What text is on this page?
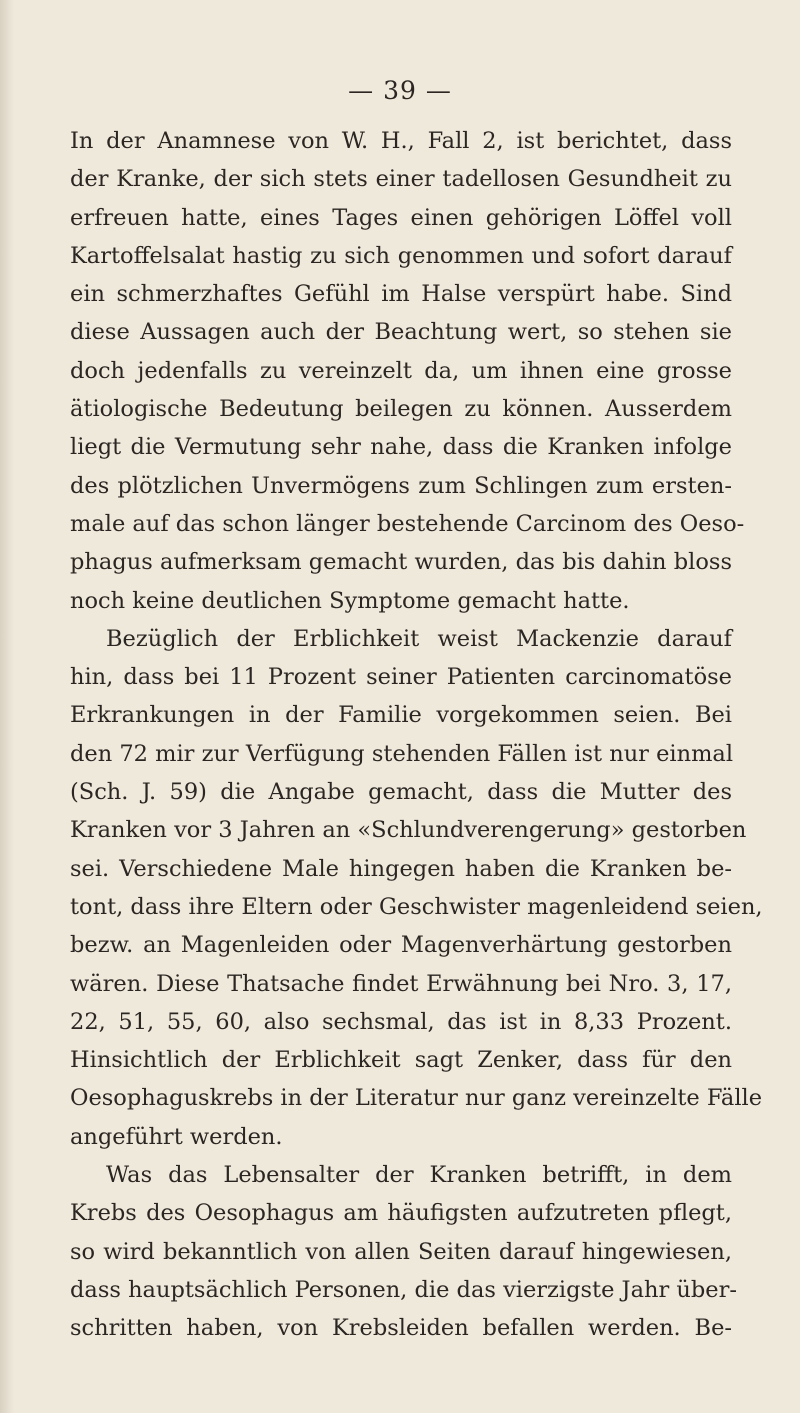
— 39 —
In der Anamnese von W. H., Fall 2, ist berichtet, dass
der Kranke, der sich stets einer tadellosen Gesundheit zu
erfreuen hatte, eines Tages einen gehörigen Löffel voll
Kartoffelsalat hastig zu sich genommen und sofort darauf
ein schmerzhaftes Gefühl im Halse verspürt habe. Sind
diese Aussagen auch der Beachtung wert, so stehen sie
doch jedenfalls zu vereinzelt da, um ihnen eine grosse
ätiologische Bedeutung beilegen zu können. Ausserdem
liegt die Vermutung sehr nahe, dass die Kranken infolge
des plötzlichen Unvermögens zum Schlingen zum ersten-
male auf das schon länger bestehende Carcinom des Oeso-
phagus aufmerksam gemacht wurden, das bis dahin bloss
noch keine deutlichen Symptome gemacht hatte.
Bezüglich der Erblichkeit weist Mackenzie darauf
hin, dass bei 11 Prozent seiner Patienten carcinomatöse
Erkrankungen in der Familie vorgekommen seien. Bei
den 72 mir zur Verfügung stehenden Fällen ist nur einmal
(Sch. J. 59) die Angabe gemacht, dass die Mutter des
Kranken vor 3 Jahren an «Schlundverengerung» gestorben
sei. Verschiedene Male hingegen haben die Kranken be-
tont, dass ihre Eltern oder Geschwister magenleidend seien,
bezw. an Magenleiden oder Magenverhärtung gestorben
wären. Diese Thatsache findet Erwähnung bei Nro. 3, 17,
22, 51, 55, 60, also sechsmal, das ist in 8,33 Prozent.
Hinsichtlich der Erblichkeit sagt Zenker, dass für den
Oesophaguskrebs in der Literatur nur ganz vereinzelte Fälle
angeführt werden.
Was das Lebensalter der Kranken betrifft, in dem
Krebs des Oesophagus am häufigsten aufzutreten pflegt,
so wird bekanntlich von allen Seiten darauf hingewiesen,
dass hauptsächlich Personen, die das vierzigste Jahr über-
schritten haben, von Krebsleiden befallen werden. Be-
